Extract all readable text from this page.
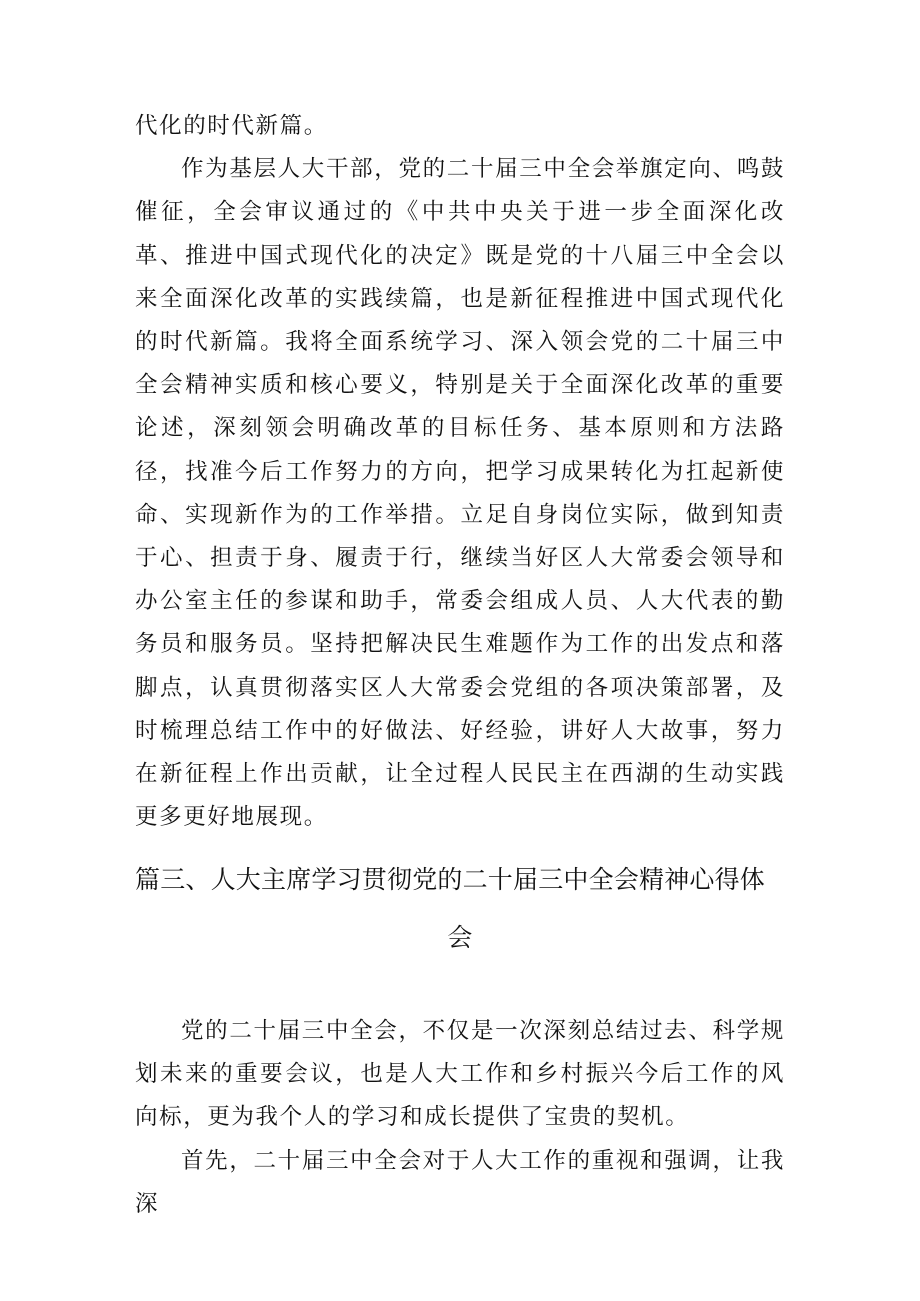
代化的时代新篇。

作为基层人大干部，党的二十届三中全会举旗定向、鸣鼓催征，全会审议通过的《中共中央关于进一步全面深化改革、推进中国式现代化的决定》既是党的十八届三中全会以来全面深化改革的实践续篇，也是新征程推进中国式现代化的时代新篇。我将全面系统学习、深入领会党的二十届三中全会精神实质和核心要义，特别是关于全面深化改革的重要论述，深刻领会明确改革的目标任务、基本原则和方法路径，找准今后工作努力的方向，把学习成果转化为扛起新使命、实现新作为的工作举措。立足自身岗位实际，做到知责于心、担责于身、履责于行，继续当好区人大常委会领导和办公室主任的参谋和助手，常委会组成人员、人大代表的勤务员和服务员。坚持把解决民生难题作为工作的出发点和落脚点，认真贯彻落实区人大常委会党组的各项决策部署，及时梳理总结工作中的好做法、好经验，讲好人大故事，努力在新征程上作出贡献，让全过程人民民主在西湖的生动实践更多更好地展现。

篇三、人大主席学习贯彻党的二十届三中全会精神心得体
会

党的二十届三中全会，不仅是一次深刻总结过去、科学规划未来的重要会议，也是人大工作和乡村振兴今后工作的风向标，更为我个人的学习和成长提供了宝贵的契机。

首先，二十届三中全会对于人大工作的重视和强调，让我深
